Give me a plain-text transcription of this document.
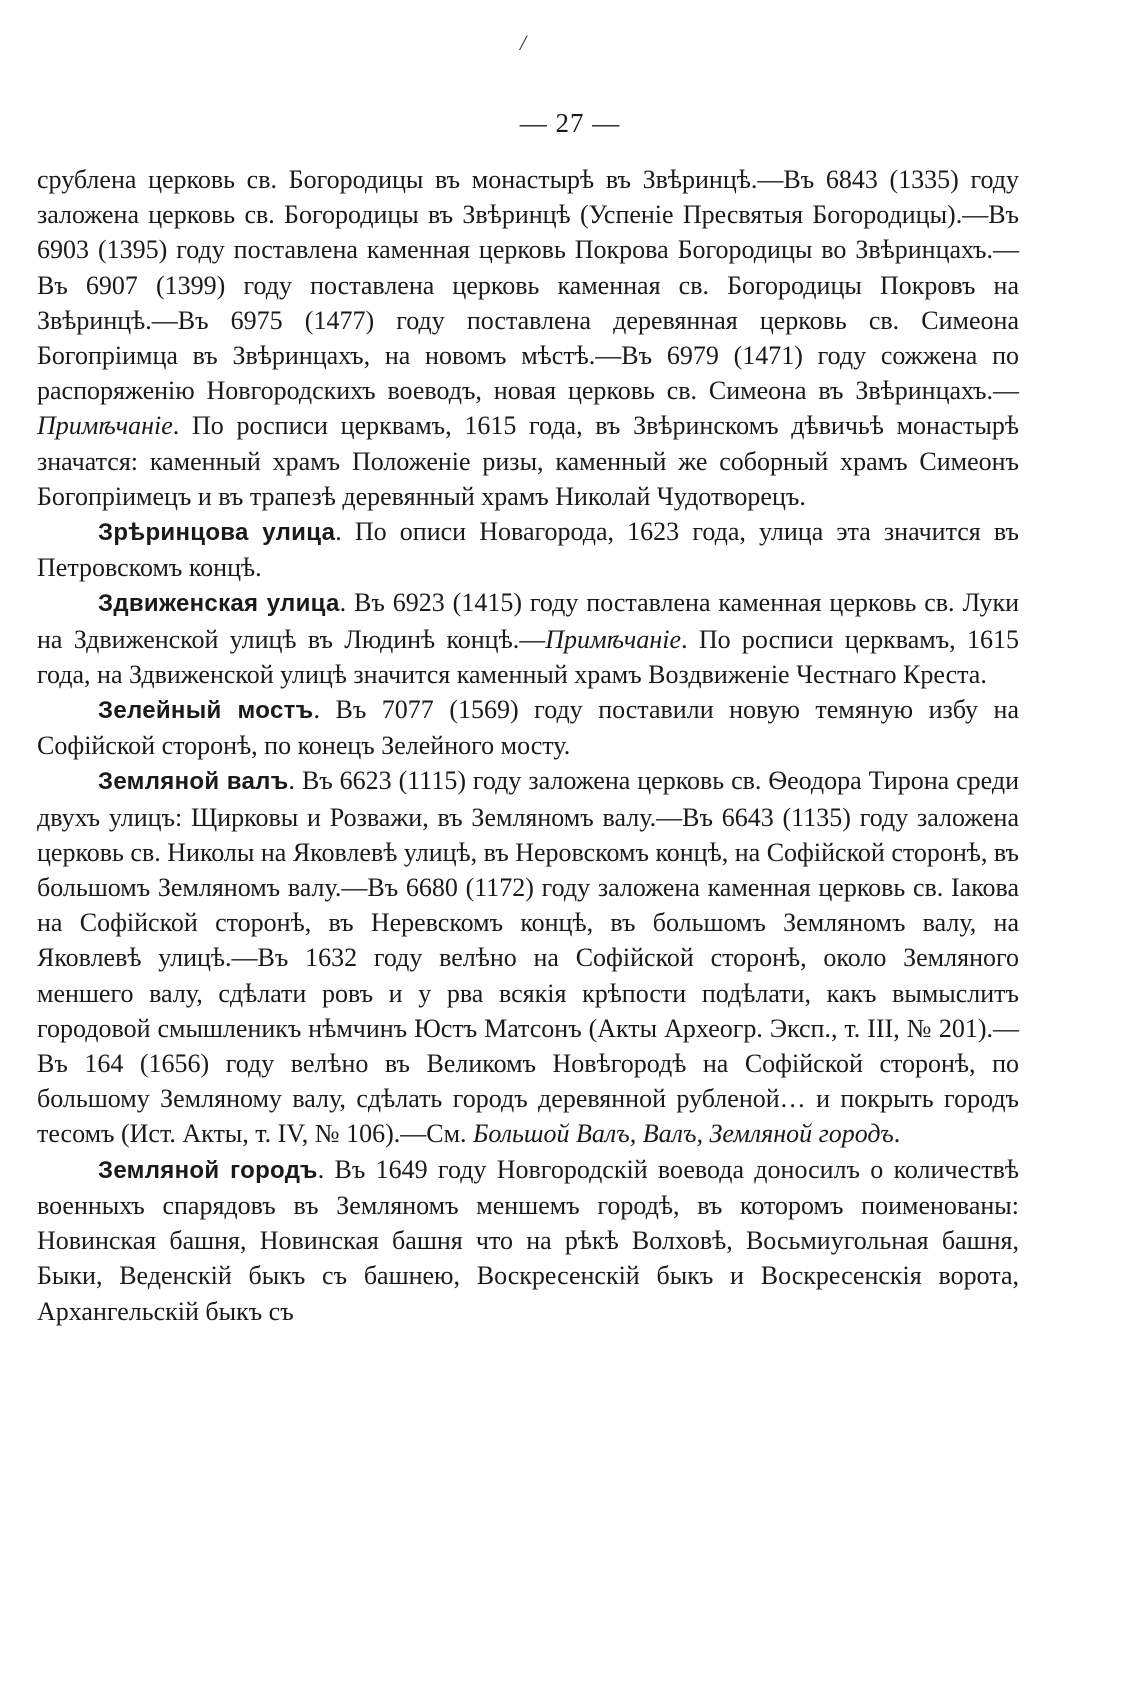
/
— 27 —

срублена церковь св. Богородицы въ монастырѣ въ Звѣринцѣ.—Въ 6843 (1335) году заложена церковь св. Богородицы въ Звѣринцѣ (Успеніе Пресвятыя Богородицы).—Въ 6903 (1395) году поставлена каменная церковь Покрова Богородицы во Звѣринцахъ.—Въ 6907 (1399) году поставлена церковь каменная св. Богородицы Покровъ на Звѣринцѣ.—Въ 6975 (1477) году поставлена деревянная церковь св. Симеона Богопріимца въ Звѣринцахъ, на новомъ мѣстѣ.—Въ 6979 (1471) году сожжена по распоряженію Новгородскихъ воеводъ, новая церковь св. Симеона въ Звѣринцахъ.—Примѣчаніе. По росписи церквамъ, 1615 года, въ Звѣринскомъ дѣвичьѣ монастырѣ значатся: каменный храмъ Положеніе ризы, каменный же соборный храмъ Симеонъ Богопріимецъ и въ трапезѣ деревянный храмъ Николай Чудотворецъ.

Зрѣринцова улица. По описи Новагорода, 1623 года, улица эта значится въ Петровскомъ концѣ.

Здвиженская улица. Въ 6923 (1415) году поставлена каменная церковь св. Луки на Здвиженской улицѣ въ Людинѣ концѣ.—Примѣчаніе. По росписи церквамъ, 1615 года, на Здвиженской улицѣ значится каменный храмъ Воздвиженіе Честнаго Креста.

Зелейный мостъ. Въ 7077 (1569) году поставили новую темяную избу на Софійской сторонѣ, по конецъ Зелейного мосту.

Земляной валъ. Въ 6623 (1115) году заложена церковь св. Ѳеодора Тирона среди двухъ улицъ: Щирковы и Розважи, въ Земляномъ валу.—Въ 6643 (1135) году заложена церковь св. Николы на Яковлевѣ улицѣ, въ Неровскомъ концѣ, на Софійской сторонѣ, въ большомъ Земляномъ валу.—Въ 6680 (1172) году заложена каменная церковь св. Іакова на Софійской сторонѣ, въ Неревскомъ концѣ, въ большомъ Земляномъ валу, на Яковлевѣ улицѣ.—Въ 1632 году велѣно на Софійской сторонѣ, около Земляного меншего валу, сдѣлати ровъ и у рва всякія крѣпости подѣлати, какъ вымыслитъ городовой смышленикъ нѣмчинъ Юстъ Матсонъ (Акты Археогр. Эксп., т. III, № 201).—Въ 164 (1656) году велѣно въ Великомъ Новѣгородѣ на Софійской сторонѣ, по большому Земляному валу, сдѣлать городъ деревянной рубленой… и покрыть городъ тесомъ (Ист. Акты, т. IV, № 106).—См. Большой Валъ, Валъ, Земляной городъ.

Земляной городъ. Въ 1649 году Новгородскій воевода доносилъ о количествѣ военныхъ спарядовъ въ Земляномъ меншемъ городѣ, въ которомъ поименованы: Новинская башня, Новинская башня что на рѣкѣ Волховѣ, Восьмиугольная башня, Быки, Веденскій быкъ съ башнею, Воскресенскій быкъ и Воскресенскія ворота, Архангельскій быкъ съ
